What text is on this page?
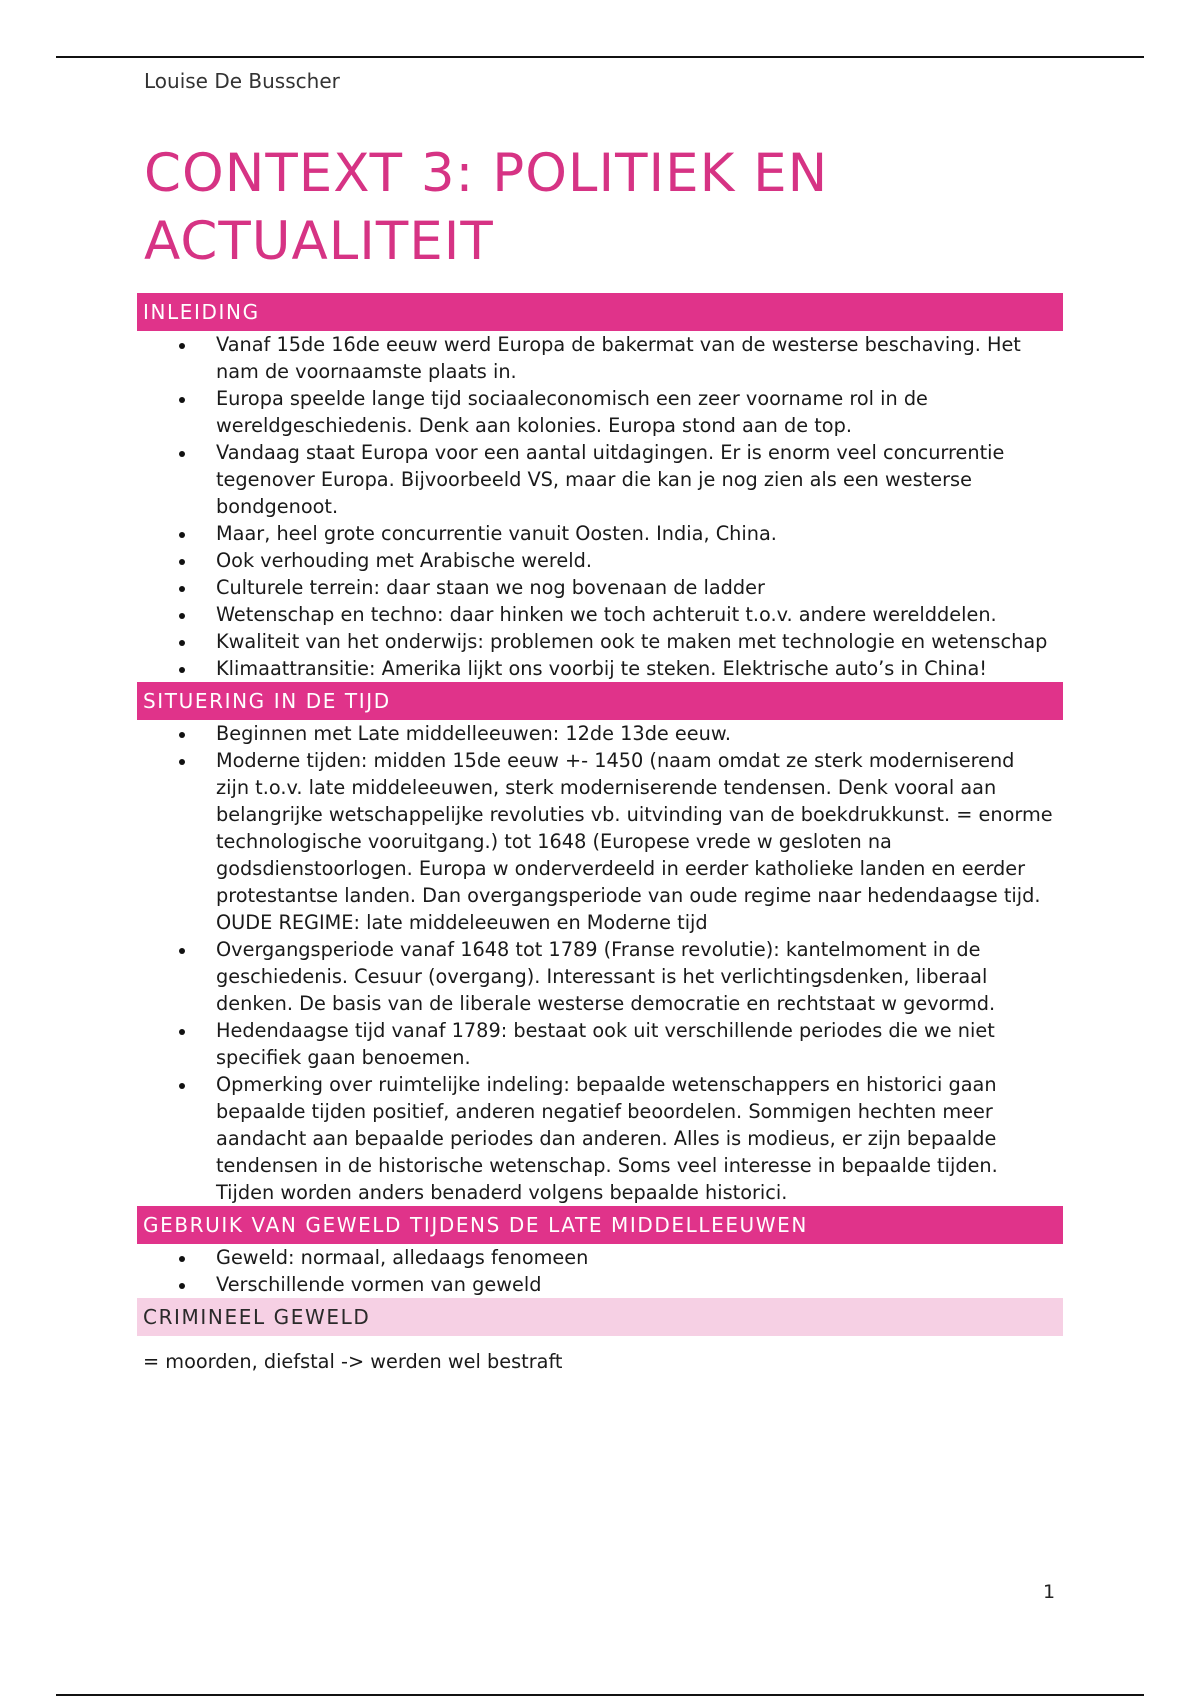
Louise De Busscher
CONTEXT 3: POLITIEK EN ACTUALITEIT
INLEIDING
Vanaf 15de 16de eeuw werd Europa de bakermat van de westerse beschaving. Het nam de voornaamste plaats in.
Europa speelde lange tijd sociaaleconomisch een zeer voorname rol in de wereldgeschiedenis. Denk aan kolonies. Europa stond aan de top.
Vandaag staat Europa voor een aantal uitdagingen. Er is enorm veel concurrentie tegenover Europa. Bijvoorbeeld VS, maar die kan je nog zien als een westerse bondgenoot.
Maar, heel grote concurrentie vanuit Oosten. India, China.
Ook verhouding met Arabische wereld.
Culturele terrein: daar staan we nog bovenaan de ladder
Wetenschap en techno: daar hinken we toch achteruit t.o.v. andere werelddelen.
Kwaliteit van het onderwijs: problemen ook te maken met technologie en wetenschap
Klimaattransitie: Amerika lijkt ons voorbij te steken. Elektrische auto’s in China!
SITUERING IN DE TIJD
Beginnen met Late middelleeuwen: 12de 13de eeuw.
Moderne tijden: midden 15de eeuw +- 1450 (naam omdat ze sterk moderniserend zijn t.o.v. late middeleeuwen, sterk moderniserende tendensen. Denk vooral aan belangrijke wetschappelijke revoluties vb. uitvinding van de boekdrukkunst. = enorme technologische vooruitgang.) tot 1648 (Europese vrede w gesloten na godsdienstoorlogen. Europa w onderverdeeld in eerder katholieke landen en eerder protestantse landen. Dan overgangsperiode van oude regime naar hedendaagse tijd. OUDE REGIME: late middeleeuwen en Moderne tijd
Overgangsperiode vanaf 1648 tot 1789 (Franse revolutie): kantelmoment in de geschiedenis. Cesuur (overgang). Interessant is het verlichtingsdenken, liberaal denken. De basis van de liberale westerse democratie en rechtstaat w gevormd.
Hedendaagse tijd vanaf 1789: bestaat ook uit verschillende periodes die we niet specifiek gaan benoemen.
Opmerking over ruimtelijke indeling: bepaalde wetenschappers en historici gaan bepaalde tijden positief, anderen negatief beoordelen. Sommigen hechten meer aandacht aan bepaalde periodes dan anderen. Alles is modieus, er zijn bepaalde tendensen in de historische wetenschap. Soms veel interesse in bepaalde tijden. Tijden worden anders benaderd volgens bepaalde historici.
GEBRUIK VAN GEWELD TIJDENS DE LATE MIDDELLEEUWEN
Geweld: normaal, alledaags fenomeen
Verschillende vormen van geweld
CRIMINEEL GEWELD
= moorden, diefstal -> werden wel bestraft
1
